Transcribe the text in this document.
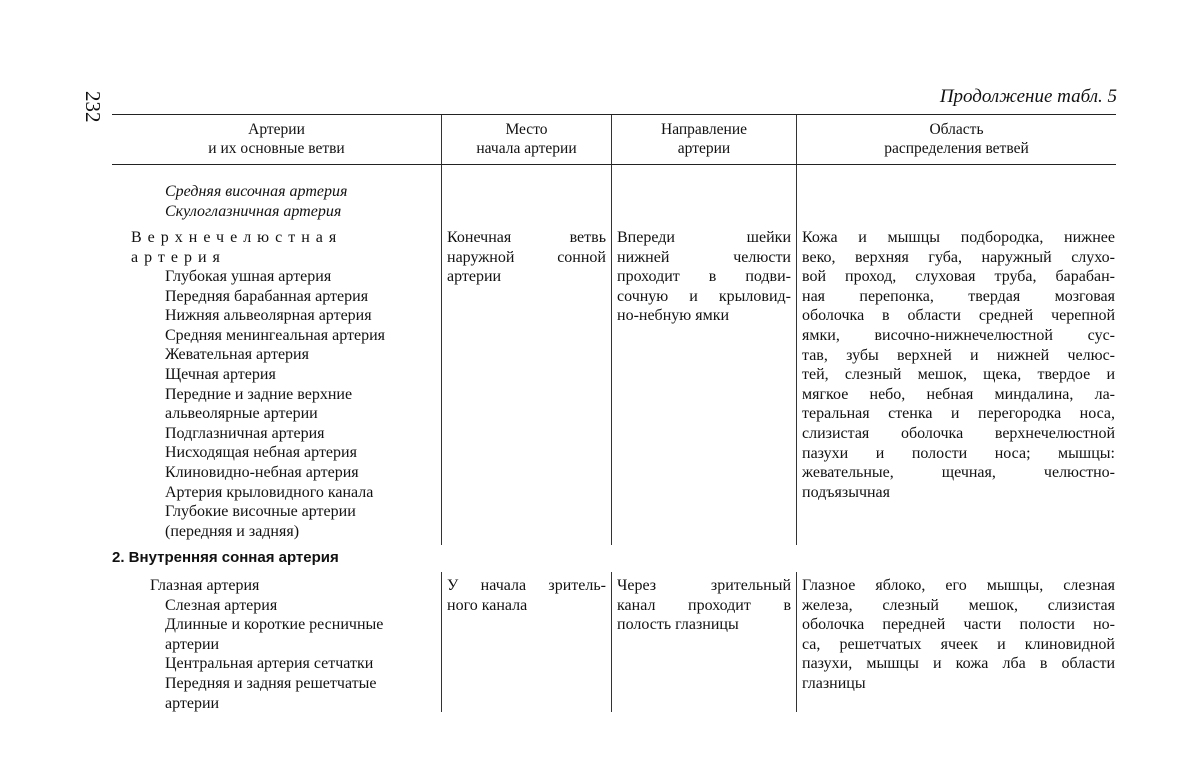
232	Продолжение табл. 5
Артерии
и их основные ветви
Место
начала артерии
Направление
артерии
Область
распределения ветвей
Средняя височная артерия
Скулоглазничная артерия
Верхнечелюстная
артерия
Глубокая ушная артерия
Передняя барабанная артерия
Нижняя альвеолярная артерия
Средняя менингеальная артерия
Жевательная артерия
Щечная артерия
Передние и задние верхние
альвеолярные артерии
Подглазничная артерия
Нисходящая небная артерия
Клиновидно-небная артерия
Артерия крыловидного канала
Глубокие височные артерии
(передняя и задняя)
Конечная ветвь
наружной сонной
артерии
Впереди шейки
нижней челюсти
проходит в подви-
сочную и крыловид-
но-небную ямки
Кожа и мышцы подбородка, нижнее
веко, верхняя губа, наружный слухо-
вой проход, слуховая труба, барабан-
ная перепонка, твердая мозговая
оболочка в области средней черепной
ямки, височно-нижнечелюстной сус-
тав, зубы верхней и нижней челюс-
тей, слезный мешок, щека, твердое и
мягкое небо, небная миндалина, ла-
теральная стенка и перегородка носа,
слизистая оболочка верхнечелюстной
пазухи и полости носа; мышцы:
жевательные, щечная, челюстно-
подъязычная
2. Внутренняя сонная артерия
Глазная артерия
Слезная артерия
Длинные и короткие ресничные
артерии
Центральная артерия сетчатки
Передняя и задняя решетчатые
артерии
У начала зритель-
ного канала
Через зрительный
канал проходит в
полость глазницы
Глазное яблоко, его мышцы, слезная
железа, слезный мешок, слизистая
оболочка передней части полости но-
са, решетчатых ячеек и клиновидной
пазухи, мышцы и кожа лба в области
глазницы
